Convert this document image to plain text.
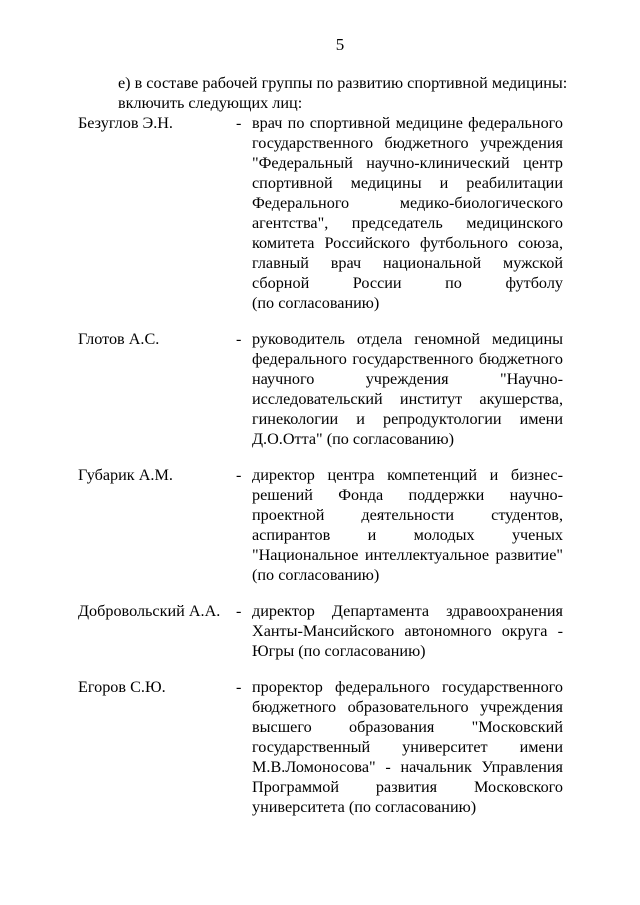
5
е) в составе рабочей группы по развитию спортивной медицины:
включить следующих лиц:
Безуглов Э.Н.	- врач по спортивной медицине федерального
государственного бюджетного учреждения
"Федеральный научно-клинический центр
спортивной медицины и реабилитации
Федерального медико-биологического
агентства", председатель медицинского
комитета Российского футбольного союза,
главный врач национальной мужской
сборной России по футболу
(по согласованию)
Глотов А.С.	- руководитель отдела геномной медицины
федерального государственного бюджетного
научного учреждения "Научно-
исследовательский институт акушерства,
гинекологии и репродуктологии имени
Д.О.Отта" (по согласованию)
Губарик А.М.	- директор центра компетенций и бизнес-
решений Фонда поддержки научно-
проектной деятельности студентов,
аспирантов и молодых ученых
"Национальное интеллектуальное развитие"
(по согласованию)
Добровольский А.А. - директор Департамента здравоохранения
Ханты-Мансийского автономного округа -
Югры (по согласованию)
Егоров С.Ю.	- проректор федерального государственного
бюджетного образовательного учреждения
высшего образования "Московский
государственный университет имени
М.В.Ломоносова" - начальник Управления
Программой развития Московского
университета (по согласованию)
